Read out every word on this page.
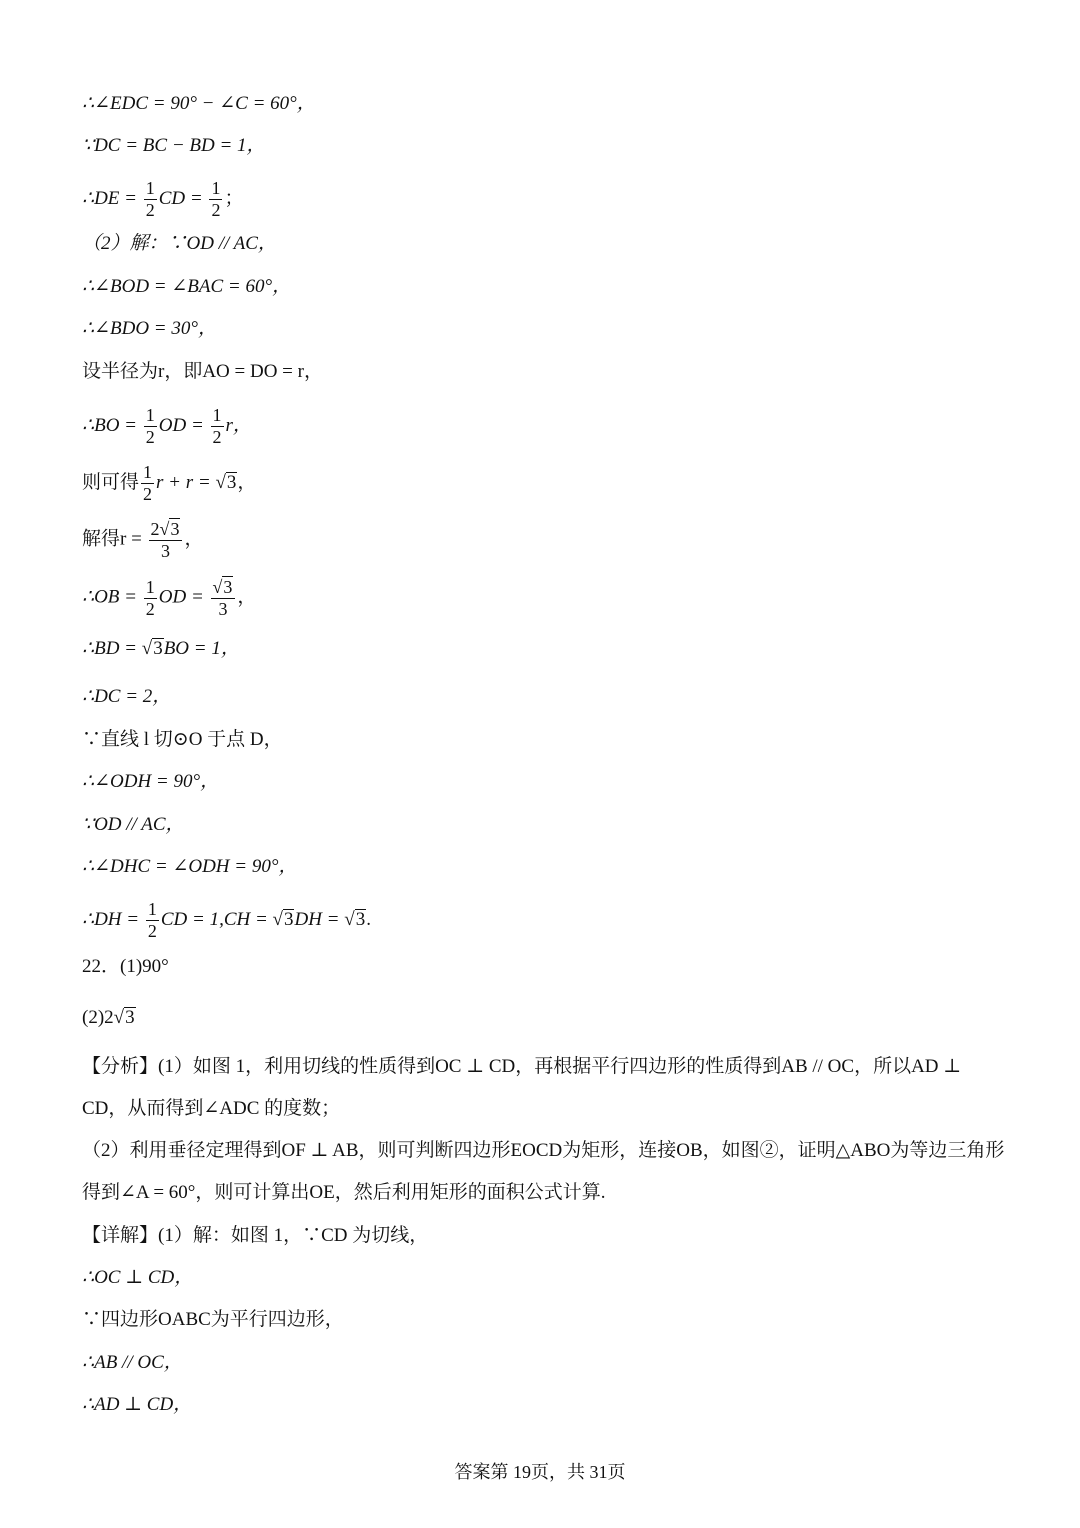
∴∠EDC = 90° − ∠C = 60°，
∵DC = BC − BD = 1，
∴DE = $\frac{1}{2}$ CD = $\frac{1}{2}$ ；
（2）解：∵OD // AC，
∴∠BOD = ∠BAC = 60°，
∴∠BDO = 30°，
设半径为r，即AO = DO = r，
∴BO = $\frac{1}{2}$ OD = $\frac{1}{2}$ r，
则可得 $\frac{1}{2}$ r + r = √3，
解得$r = \frac{2√3}{3}$ ，
∴OB = $\frac{1}{2}$ OD = $\frac{√3}{3}$ ，
∴BD = √3BO = 1，
∴DC = 2，
∵直线 l 切⊙O 于点 D，
∴∠ODH = 90°，
∵OD // AC，
∴∠DHC = ∠ODH = 90°，
∴DH = $\frac{1}{2}$ CD = 1,CH = √3DH = √3.
22．(1)90°
(2)2√3
【分析】(1）如图 1，利用切线的性质得到OC ⊥ CD，再根据平行四边形的性质得到AB // OC，所以AD ⊥ CD，从而得到∠ADC 的度数；
（2）利用垂径定理得到OF ⊥ AB，则可判断四边形EOCD为矩形，连接OB，如图②，证明△ABO为等边三角形得到∠A = 60°，则可计算出OE，然后利用矩形的面积公式计算.
【详解】(1）解：如图 1，∵CD 为切线，
∴OC ⊥ CD，
∵四边形OABC为平行四边形，
∴AB // OC，
∴AD ⊥ CD，
答案第 19页，共 31页
